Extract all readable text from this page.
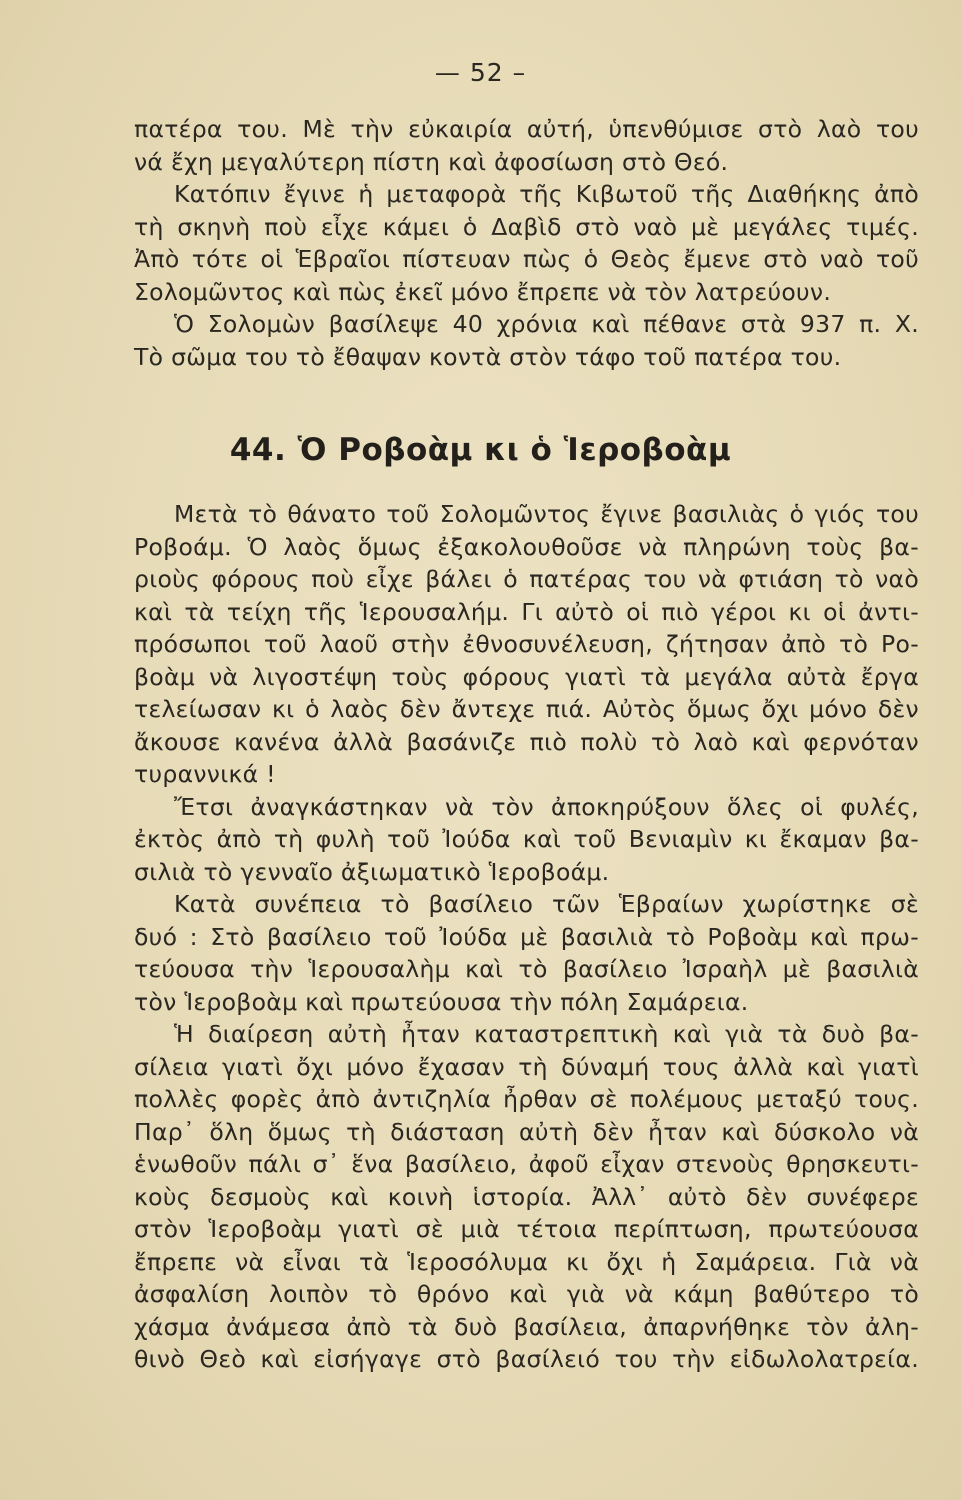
— 52 –
πατέρα του. Μὲ τὴν εὐκαιρία αὐτή, ὑπενθύμισε στὸ λαὸ του
νά ἔχη μεγαλύτερη πίστη καὶ ἀφοσίωση στὸ Θεό.
Κατόπιν ἔγινε ἡ μεταφορὰ τῆς Κιβωτοῦ τῆς Διαθήκης ἀπὸ
τὴ σκηνὴ ποὺ εἶχε κάμει ὁ Δαβὶδ στὸ ναὸ μὲ μεγάλες τιμές.
Ἀπὸ τότε οἱ Ἑβραῖοι πίστευαν πὼς ὁ Θεὸς ἔμενε στὸ ναὸ τοῦ
Σολομῶντος καὶ πὼς ἐκεῖ μόνο ἔπρεπε νὰ τὸν λατρεύουν.
Ὁ Σολομὼν βασίλεψε 40 χρόνια καὶ πέθανε στὰ 937 π. Χ.
Τὸ σῶμα του τὸ ἔθαψαν κοντὰ στὸν τάφο τοῦ πατέρα του.
44. Ὁ Ροβοὰμ κι ὁ Ἱεροβοὰμ
Μετὰ τὸ θάνατο τοῦ Σολομῶντος ἔγινε βασιλιὰς ὁ γιός του
Ροβοάμ. Ὁ λαὸς ὅμως ἐξακολουθοῦσε νὰ πληρώνη τοὺς βα-
ριοὺς φόρους ποὺ εἶχε βάλει ὁ πατέρας του νὰ φτιάση τὸ ναὸ
καὶ τὰ τείχη τῆς Ἱερουσαλήμ. Γι αὐτὸ οἱ πιὸ γέροι κι οἱ ἀντι-
πρόσωποι τοῦ λαοῦ στὴν ἐθνοσυνέλευση, ζήτησαν ἀπὸ τὸ Ρο-
βοὰμ νὰ λιγοστέψη τοὺς φόρους γιατὶ τὰ μεγάλα αὐτὰ ἔργα
τελείωσαν κι ὁ λαὸς δὲν ἄντεχε πιά. Αὐτὸς ὅμως ὄχι μόνο δὲν
ἄκουσε κανένα ἀλλὰ βασάνιζε πιὸ πολὺ τὸ λαὸ καὶ φερνόταν
τυραννικά !
Ἔτσι ἀναγκάστηκαν νὰ τὸν ἀποκηρύξουν ὅλες οἱ φυλές,
ἐκτὸς ἀπὸ τὴ φυλὴ τοῦ Ἰούδα καὶ τοῦ Βενιαμὶν κι ἔκαμαν βα-
σιλιὰ τὸ γενναῖο ἀξιωματικὸ Ἱεροβοάμ.
Κατὰ συνέπεια τὸ βασίλειο τῶν Ἑβραίων χωρίστηκε σὲ
δυό : Στὸ βασίλειο τοῦ Ἰούδα μὲ βασιλιὰ τὸ Ροβοὰμ καὶ πρω-
τεύουσα τὴν Ἱερουσαλὴμ καὶ τὸ βασίλειο Ἰσραὴλ μὲ βασιλιὰ
τὸν Ἱεροβοὰμ καὶ πρωτεύουσα τὴν πόλη Σαμάρεια.
Ἡ διαίρεση αὐτὴ ἦταν καταστρεπτικὴ καὶ γιὰ τὰ δυὸ βα-
σίλεια γιατὶ ὄχι μόνο ἔχασαν τὴ δύναμή τους ἀλλὰ καὶ γιατὶ
πολλὲς φορὲς ἀπὸ ἀντιζηλία ἦρθαν σὲ πολέμους μεταξύ τους.
Παρ᾿ ὅλη ὅμως τὴ διάσταση αὐτὴ δὲν ἦταν καὶ δύσκολο νὰ
ἑνωθοῦν πάλι σ᾿ ἕνα βασίλειο, ἀφοῦ εἶχαν στενοὺς θρησκευτι-
κοὺς δεσμοὺς καὶ κοινὴ ἱστορία. Ἀλλ᾿ αὐτὸ δὲν συνέφερε
στὸν Ἱεροβοὰμ γιατὶ σὲ μιὰ τέτοια περίπτωση, πρωτεύουσα
ἔπρεπε νὰ εἶναι τὰ Ἱεροσόλυμα κι ὄχι ἡ Σαμάρεια. Γιὰ νὰ
ἀσφαλίση λοιπὸν τὸ θρόνο καὶ γιὰ νὰ κάμη βαθύτερο τὸ
χάσμα ἀνάμεσα ἀπὸ τὰ δυὸ βασίλεια, ἀπαρνήθηκε τὸν ἀλη-
θινὸ Θεὸ καὶ εἰσήγαγε στὸ βασίλειό του τὴν εἰδωλολατρεία.
